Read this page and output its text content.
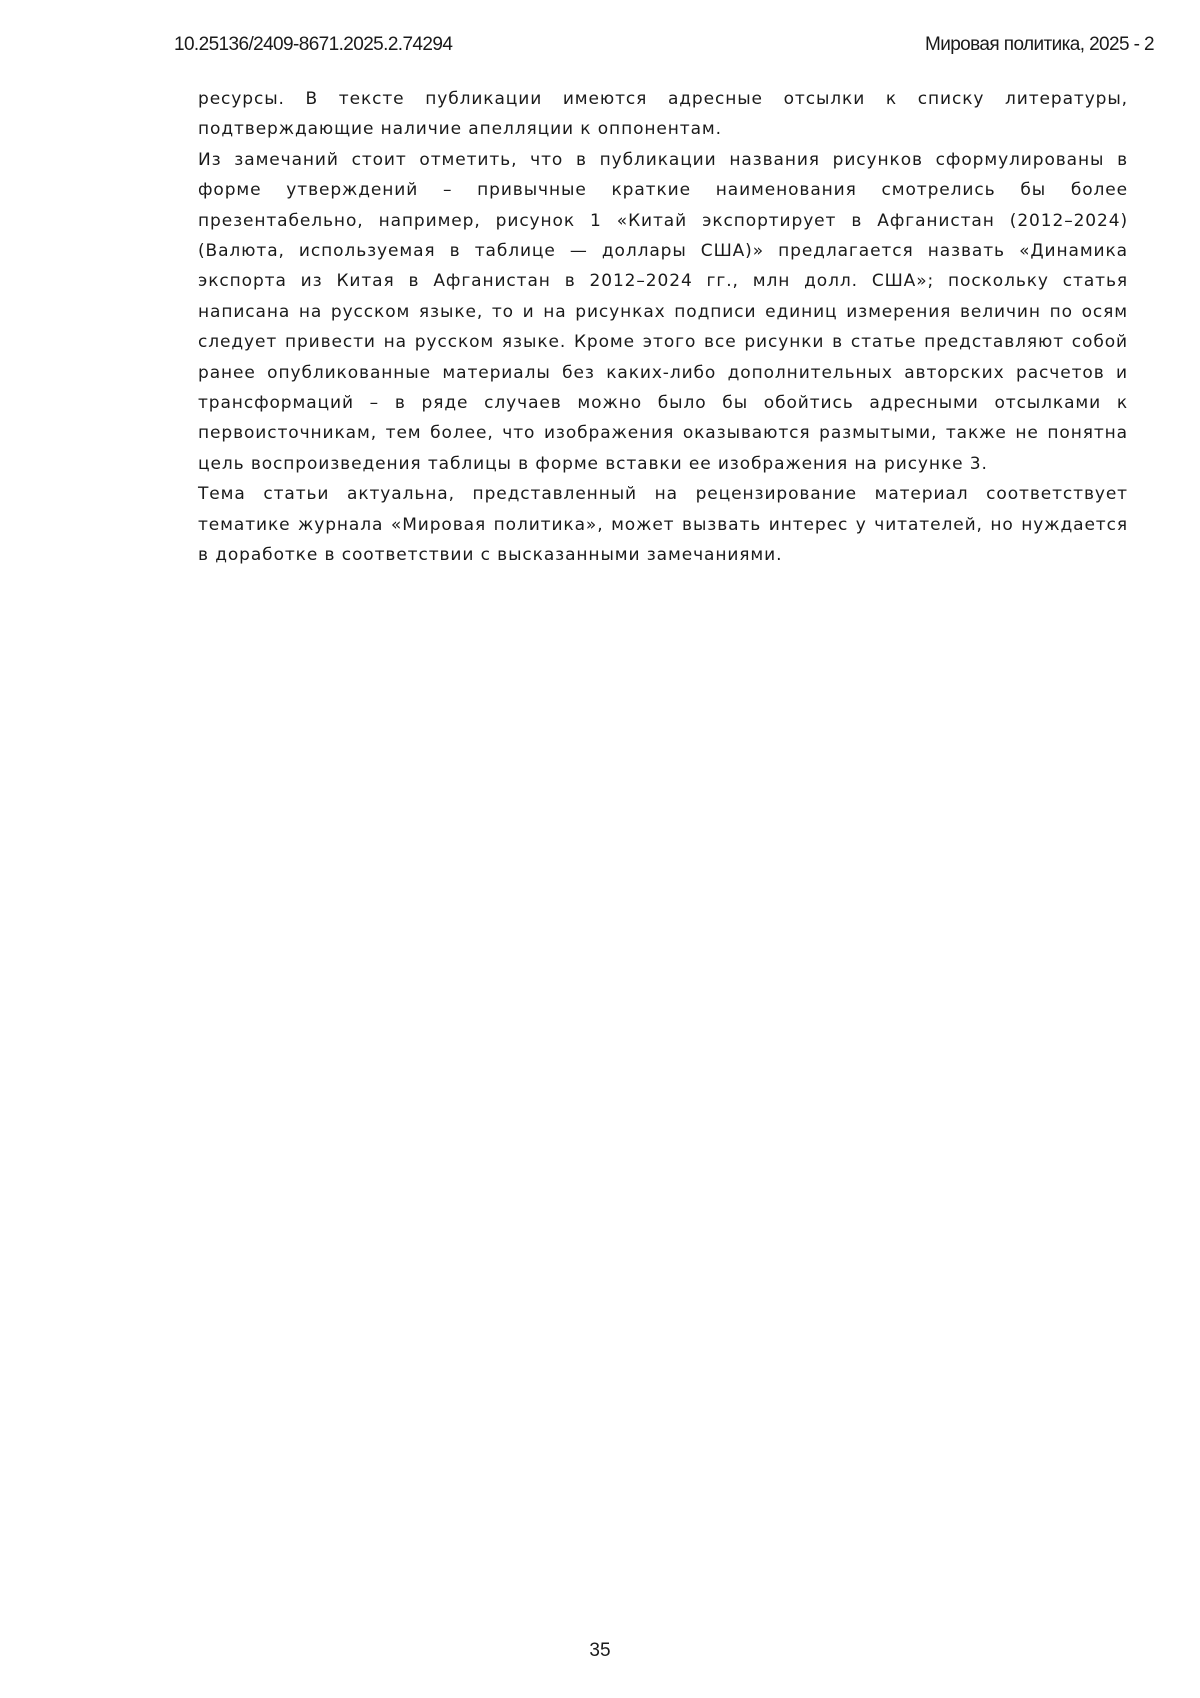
10.25136/2409-8671.2025.2.74294	Мировая политика, 2025 - 2

ресурсы. В тексте публикации имеются адресные отсылки к списку литературы, подтверждающие наличие апелляции к оппонентам.

Из замечаний стоит отметить, что в публикации названия рисунков сформулированы в форме утверждений – привычные краткие наименования смотрелись бы более презентабельно, например, рисунок 1 «Китай экспортирует в Афганистан (2012–2024) (Валюта, используемая в таблице — доллары США)» предлагается назвать «Динамика экспорта из Китая в Афганистан в 2012–2024 гг., млн долл. США»; поскольку статья написана на русском языке, то и на рисунках подписи единиц измерения величин по осям следует привести на русском языке. Кроме этого все рисунки в статье представляют собой ранее опубликованные материалы без каких-либо дополнительных авторских расчетов и трансформаций – в ряде случаев можно было бы обойтись адресными отсылками к первоисточникам, тем более, что изображения оказываются размытыми, также не понятна цель воспроизведения таблицы в форме вставки ее изображения на рисунке 3.

Тема статьи актуальна, представленный на рецензирование материал соответствует тематике журнала «Мировая политика», может вызвать интерес у читателей, но нуждается в доработке в соответствии с высказанными замечаниями.

35
